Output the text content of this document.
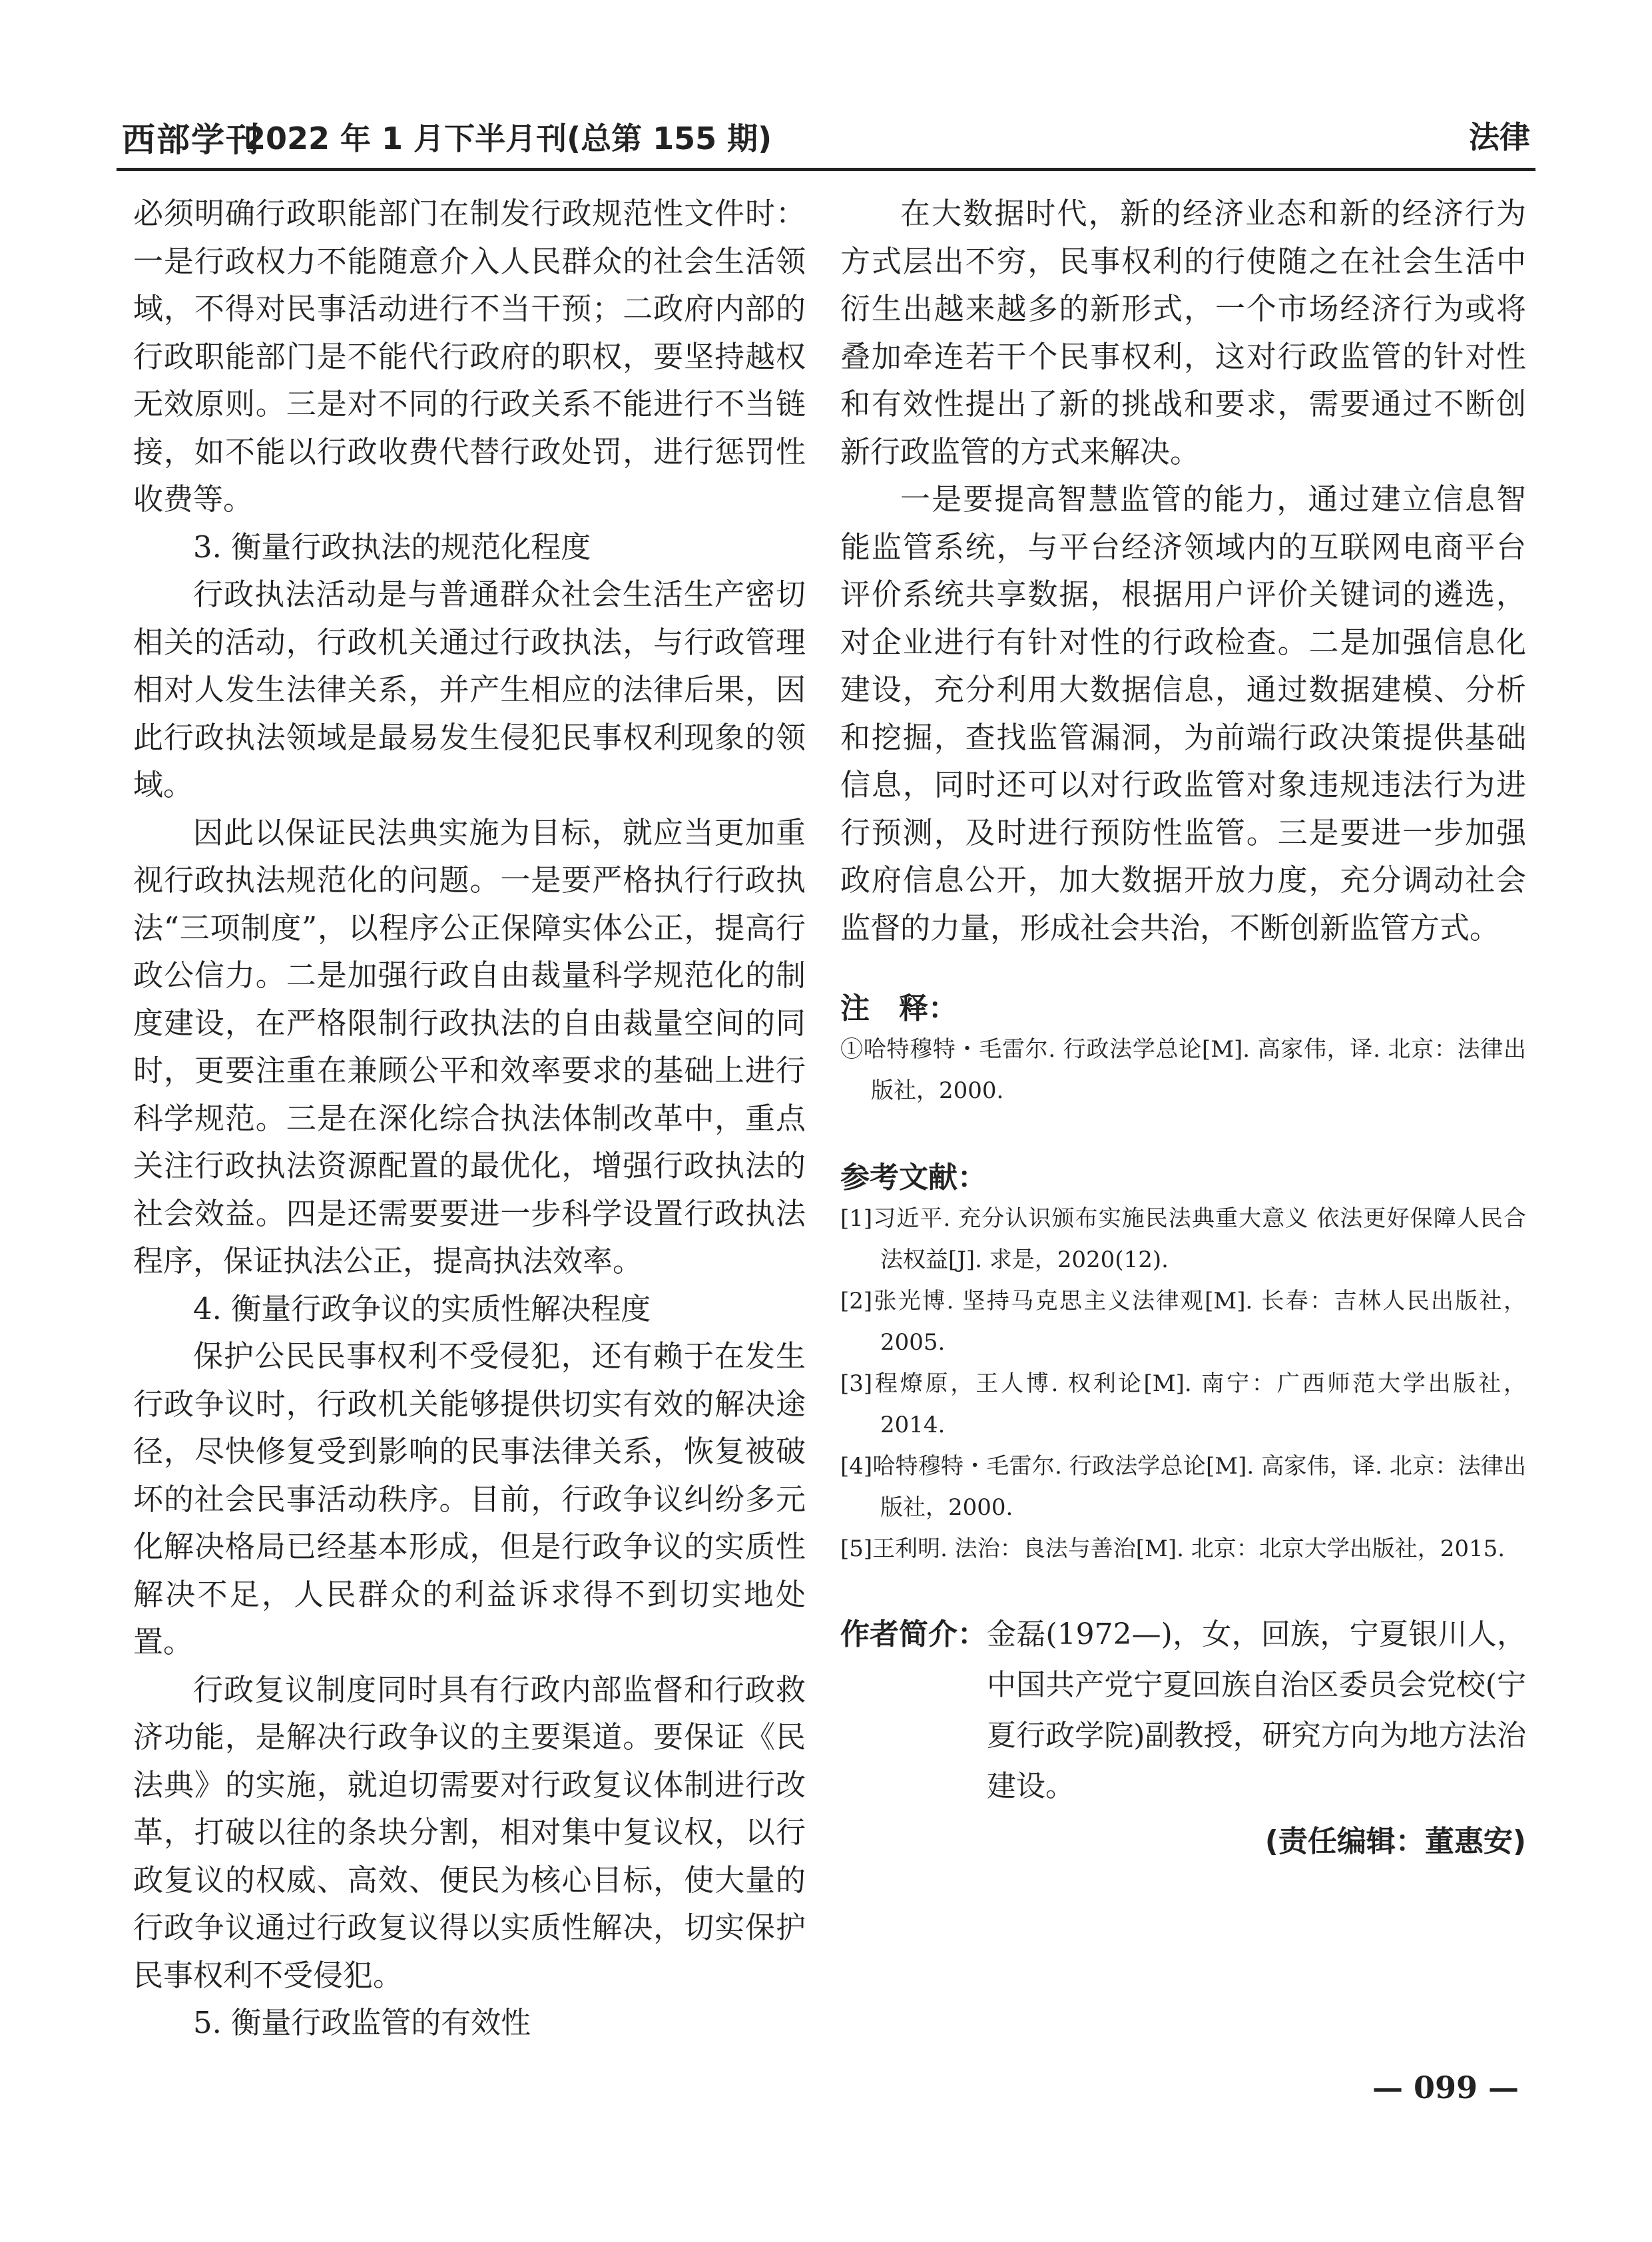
西部学刊
2022 年 1 月下半月刊(总第 155 期)	法律

必须明确行政职能部门在制发行政规范性文件时：一是行政权力不能随意介入人民群众的社会生活领域，不得对民事活动进行不当干预；二政府内部的行政职能部门是不能代行政府的职权，要坚持越权无效原则。三是对不同的行政关系不能进行不当链接，如不能以行政收费代替行政处罚，进行惩罚性收费等。

3. 衡量行政执法的规范化程度

行政执法活动是与普通群众社会生活生产密切相关的活动，行政机关通过行政执法，与行政管理相对人发生法律关系，并产生相应的法律后果，因此行政执法领域是最易发生侵犯民事权利现象的领域。

因此以保证民法典实施为目标，就应当更加重视行政执法规范化的问题。一是要严格执行行政执法“三项制度”，以程序公正保障实体公正，提高行政公信力。二是加强行政自由裁量科学规范化的制度建设，在严格限制行政执法的自由裁量空间的同时，更要注重在兼顾公平和效率要求的基础上进行科学规范。三是在深化综合执法体制改革中，重点关注行政执法资源配置的最优化，增强行政执法的社会效益。四是还需要要进一步科学设置行政执法程序，保证执法公正，提高执法效率。

4. 衡量行政争议的实质性解决程度

保护公民民事权利不受侵犯，还有赖于在发生行政争议时，行政机关能够提供切实有效的解决途径，尽快修复受到影响的民事法律关系，恢复被破坏的社会民事活动秩序。目前，行政争议纠纷多元化解决格局已经基本形成，但是行政争议的实质性解决不足，人民群众的利益诉求得不到切实地处置。

行政复议制度同时具有行政内部监督和行政救济功能，是解决行政争议的主要渠道。要保证《民法典》的实施，就迫切需要对行政复议体制进行改革，打破以往的条块分割，相对集中复议权，以行政复议的权威、高效、便民为核心目标，使大量的行政争议通过行政复议得以实质性解决，切实保护民事权利不受侵犯。

5. 衡量行政监管的有效性

在大数据时代，新的经济业态和新的经济行为方式层出不穷，民事权利的行使随之在社会生活中衍生出越来越多的新形式，一个市场经济行为或将叠加牵连若干个民事权利，这对行政监管的针对性和有效性提出了新的挑战和要求，需要通过不断创新行政监管的方式来解决。

一是要提高智慧监管的能力，通过建立信息智能监管系统，与平台经济领域内的互联网电商平台评价系统共享数据，根据用户评价关键词的遴选，对企业进行有针对性的行政检查。二是加强信息化建设，充分利用大数据信息，通过数据建模、分析和挖掘，查找监管漏洞，为前端行政决策提供基础信息，同时还可以对行政监管对象违规违法行为进行预测，及时进行预防性监管。三是要进一步加强政府信息公开，加大数据开放力度，充分调动社会监督的力量，形成社会共治，不断创新监管方式。

注　释：
①哈特穆特・毛雷尔. 行政法学总论[M]. 高家伟，译. 北京：法律出版社，2000.
参考文献：
[1]习近平. 充分认识颁布实施民法典重大意义 依法更好保障人民合法权益[J]. 求是，2020(12).
[2]张光博. 坚持马克思主义法律观[M]. 长春：吉林人民出版社，2005.
[3]程燎原，王人博. 权利论[M]. 南宁：广西师范大学出版社，2014.
[4]哈特穆特・毛雷尔. 行政法学总论[M]. 高家伟，译. 北京：法律出版社，2000.
[5]王利明. 法治：良法与善治[M]. 北京：北京大学出版社，2015.
作者简介： 金磊(1972—)，女，回族，宁夏银川人，中国共产党宁夏回族自治区委员会党校(宁夏行政学院)副教授，研究方向为地方法治建设。
(责任编辑：董惠安)
— 099 —
